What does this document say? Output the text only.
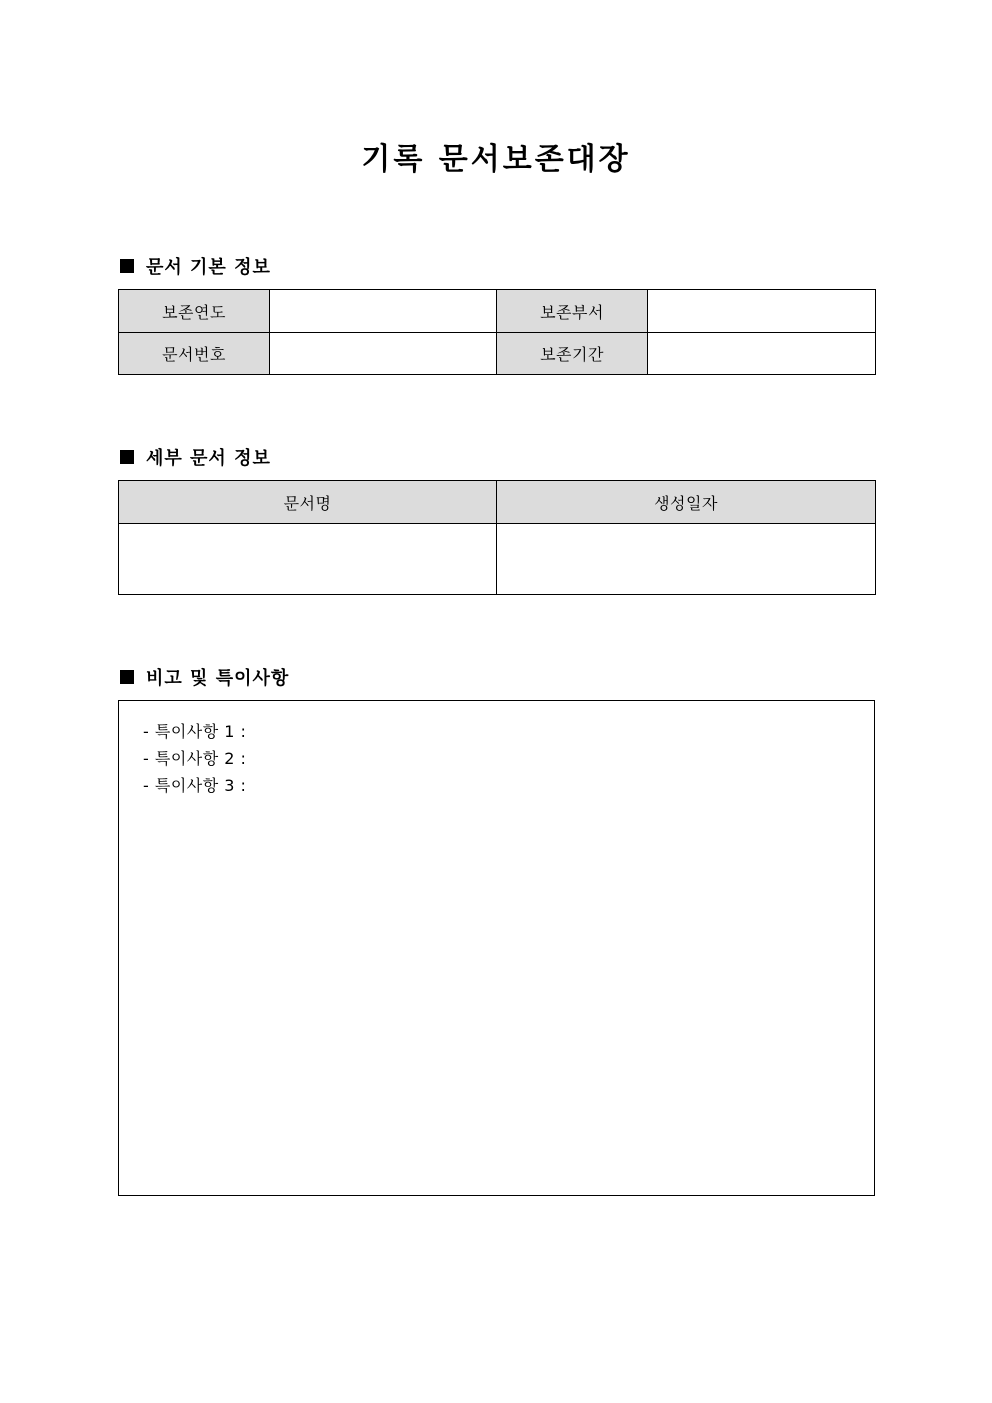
기록 문서보존대장
문서 기본 정보
보존연도		보존부서	
문서번호		보존기간	
세부 문서 정보
문서명	생성일자

비고 및 특이사항
- 특이사항 1 :
- 특이사항 2 :
- 특이사항 3 :
